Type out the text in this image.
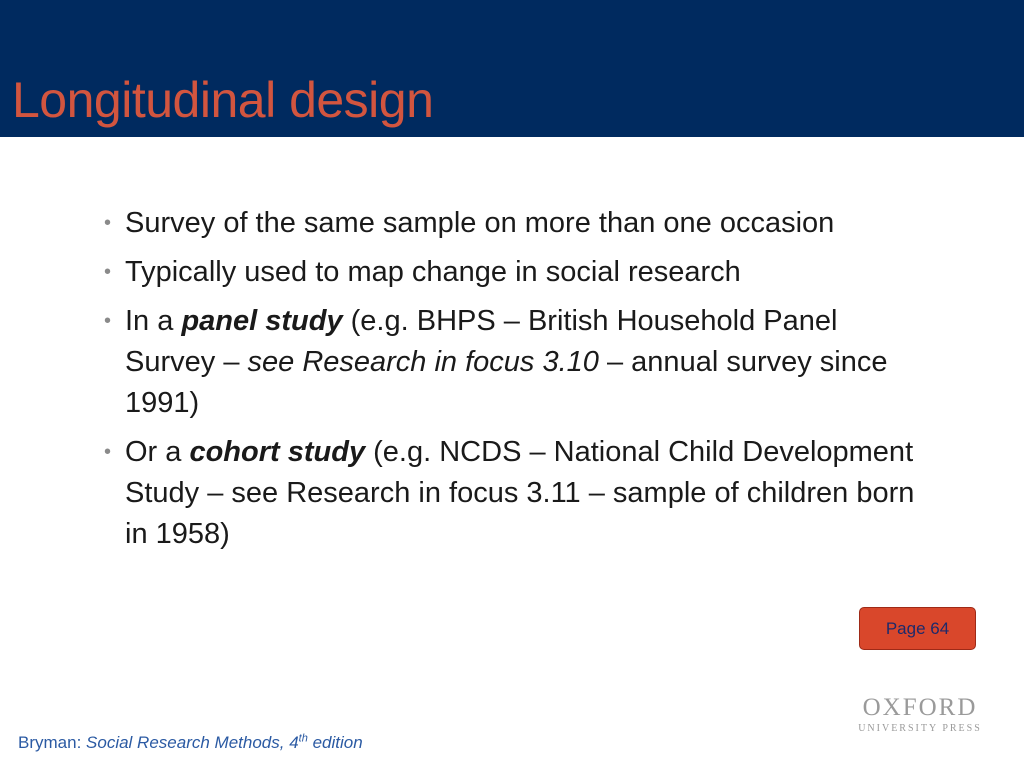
Longitudinal design
• Survey of the same sample on more than one occasion
• Typically used to map change in social research
• In a panel study (e.g. BHPS – British Household Panel Survey – see Research in focus 3.10 – annual survey since 1991)
• Or a cohort study (e.g. NCDS – National Child Development Study – see Research in focus 3.11 – sample of children born in 1958)
Page 64
Bryman: Social Research Methods, 4th edition
OXFORD
UNIVERSITY PRESS
